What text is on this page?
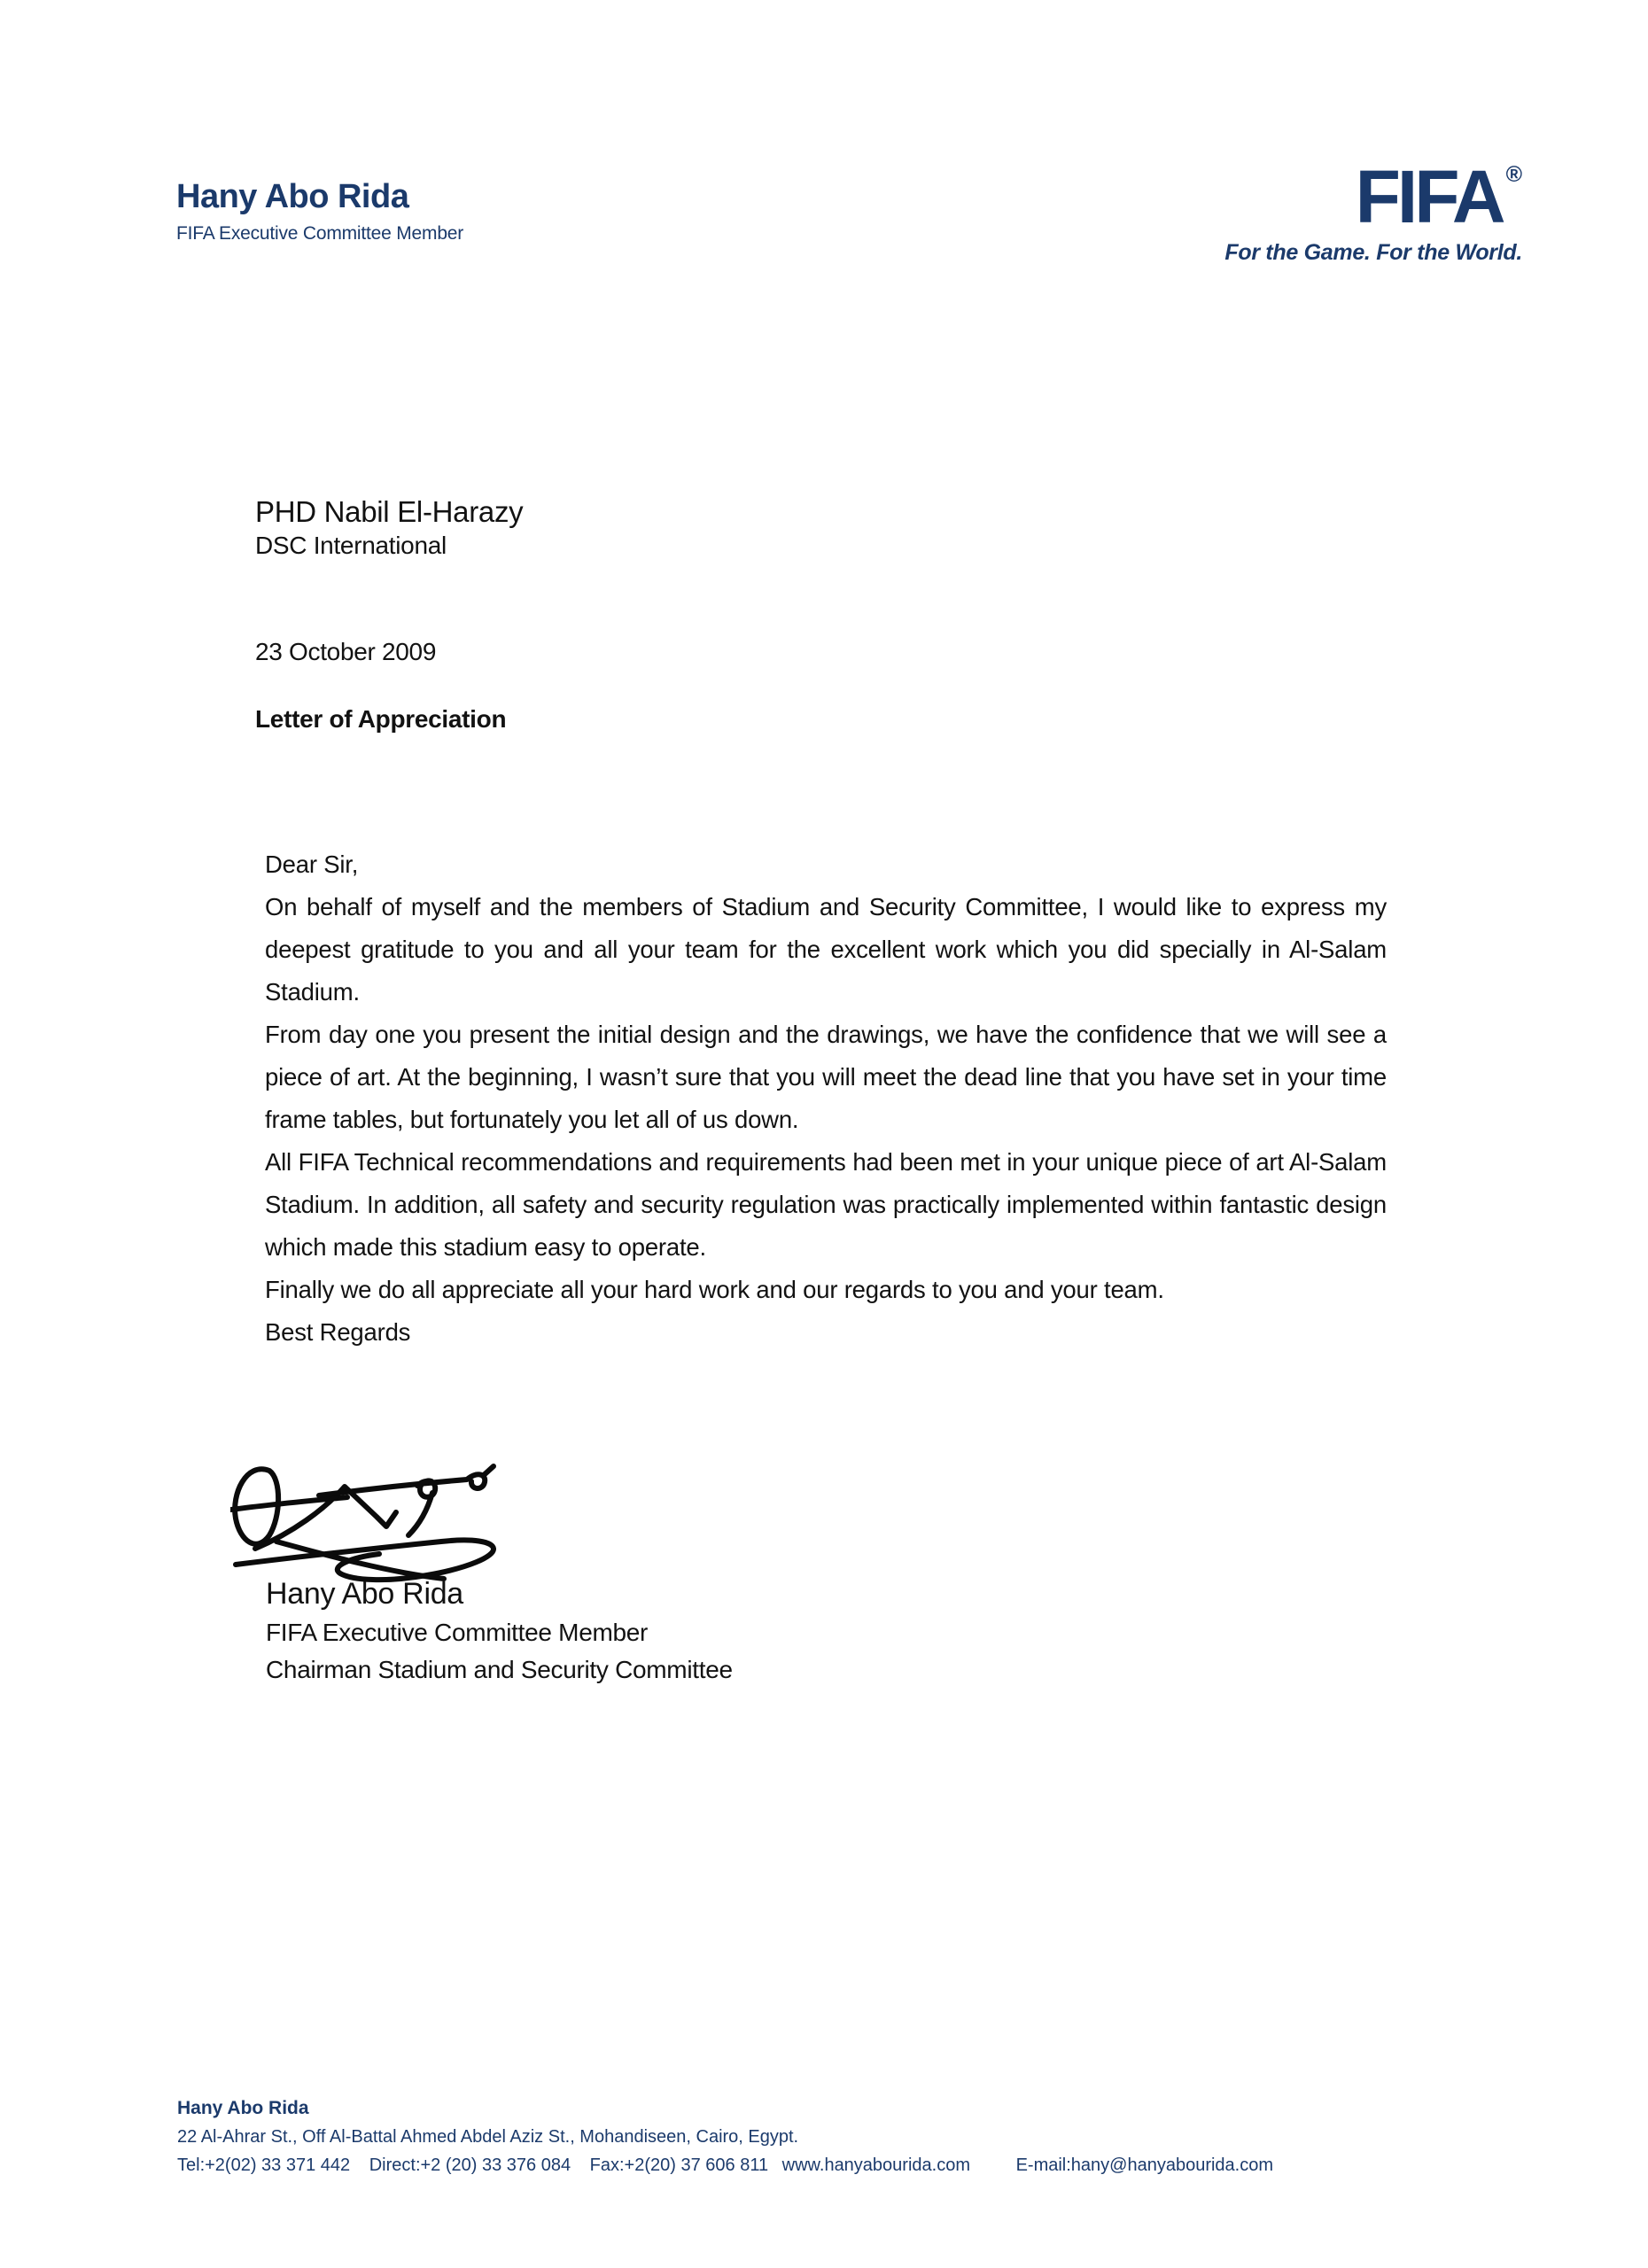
Hany Abo Rida
FIFA Executive Committee Member	FIFA ®
For the Game. For the World.
PHD Nabil El-Harazy
DSC International
23 October 2009
Letter of Appreciation

Dear Sir,

On behalf of myself and the members of Stadium and Security Committee, I would like to express my deepest gratitude to you and all your team for the excellent work which you did specially in Al-Salam Stadium.

From day one you present the initial design and the drawings, we have the confidence that we will see a piece of art. At the beginning, I wasn’t sure that you will meet the dead line that you have set in your time frame tables, but fortunately you let all of us down.

All FIFA Technical recommendations and requirements had been met in your unique piece of art Al-Salam Stadium. In addition, all safety and security regulation was practically implemented within fantastic design which made this stadium easy to operate.

Finally we do all appreciate all your hard work and our regards to you and your team.

Best Regards

Hany Abo Rida
FIFA Executive Committee Member
Chairman Stadium and Security Committee
Hany Abo Rida
22 Al-Ahrar St., Off Al-Battal Ahmed Abdel Aziz St., Mohandiseen, Cairo, Egypt.
Tel:+2(02) 33 371 442 Direct:+2 (20) 33 376 084 Fax:+2(20) 37 606 811 www.hanyabourida.com	E-mail:hany@hanyabourida.com
